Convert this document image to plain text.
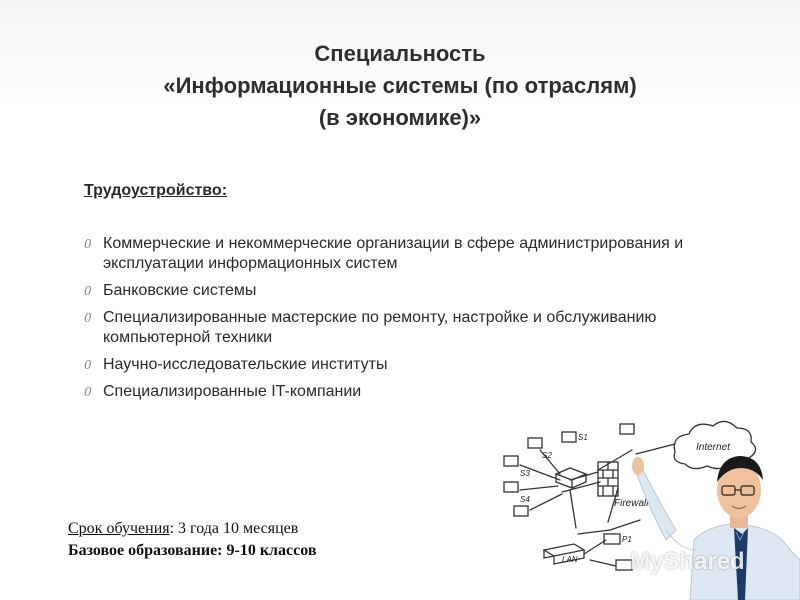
Специальность
«Информационные системы (по отраслям)
(в экономике)»
Трудоустройство:
0 Коммерческие и некоммерческие организации в сфере администрирования и эксплуатации информационных систем
0 Банковские системы
0 Специализированные мастерские по ремонту, настройке и обслуживанию компьютерной техники
0 Научно-исследовательские институты
0 Специализированные IT-компании
Срок обучения: 3 года 10 месяцев
Базовое образование: 9-10 классов
Internet
Firewall
LAN
S1
S2
S3
S4
P1
MyShared
